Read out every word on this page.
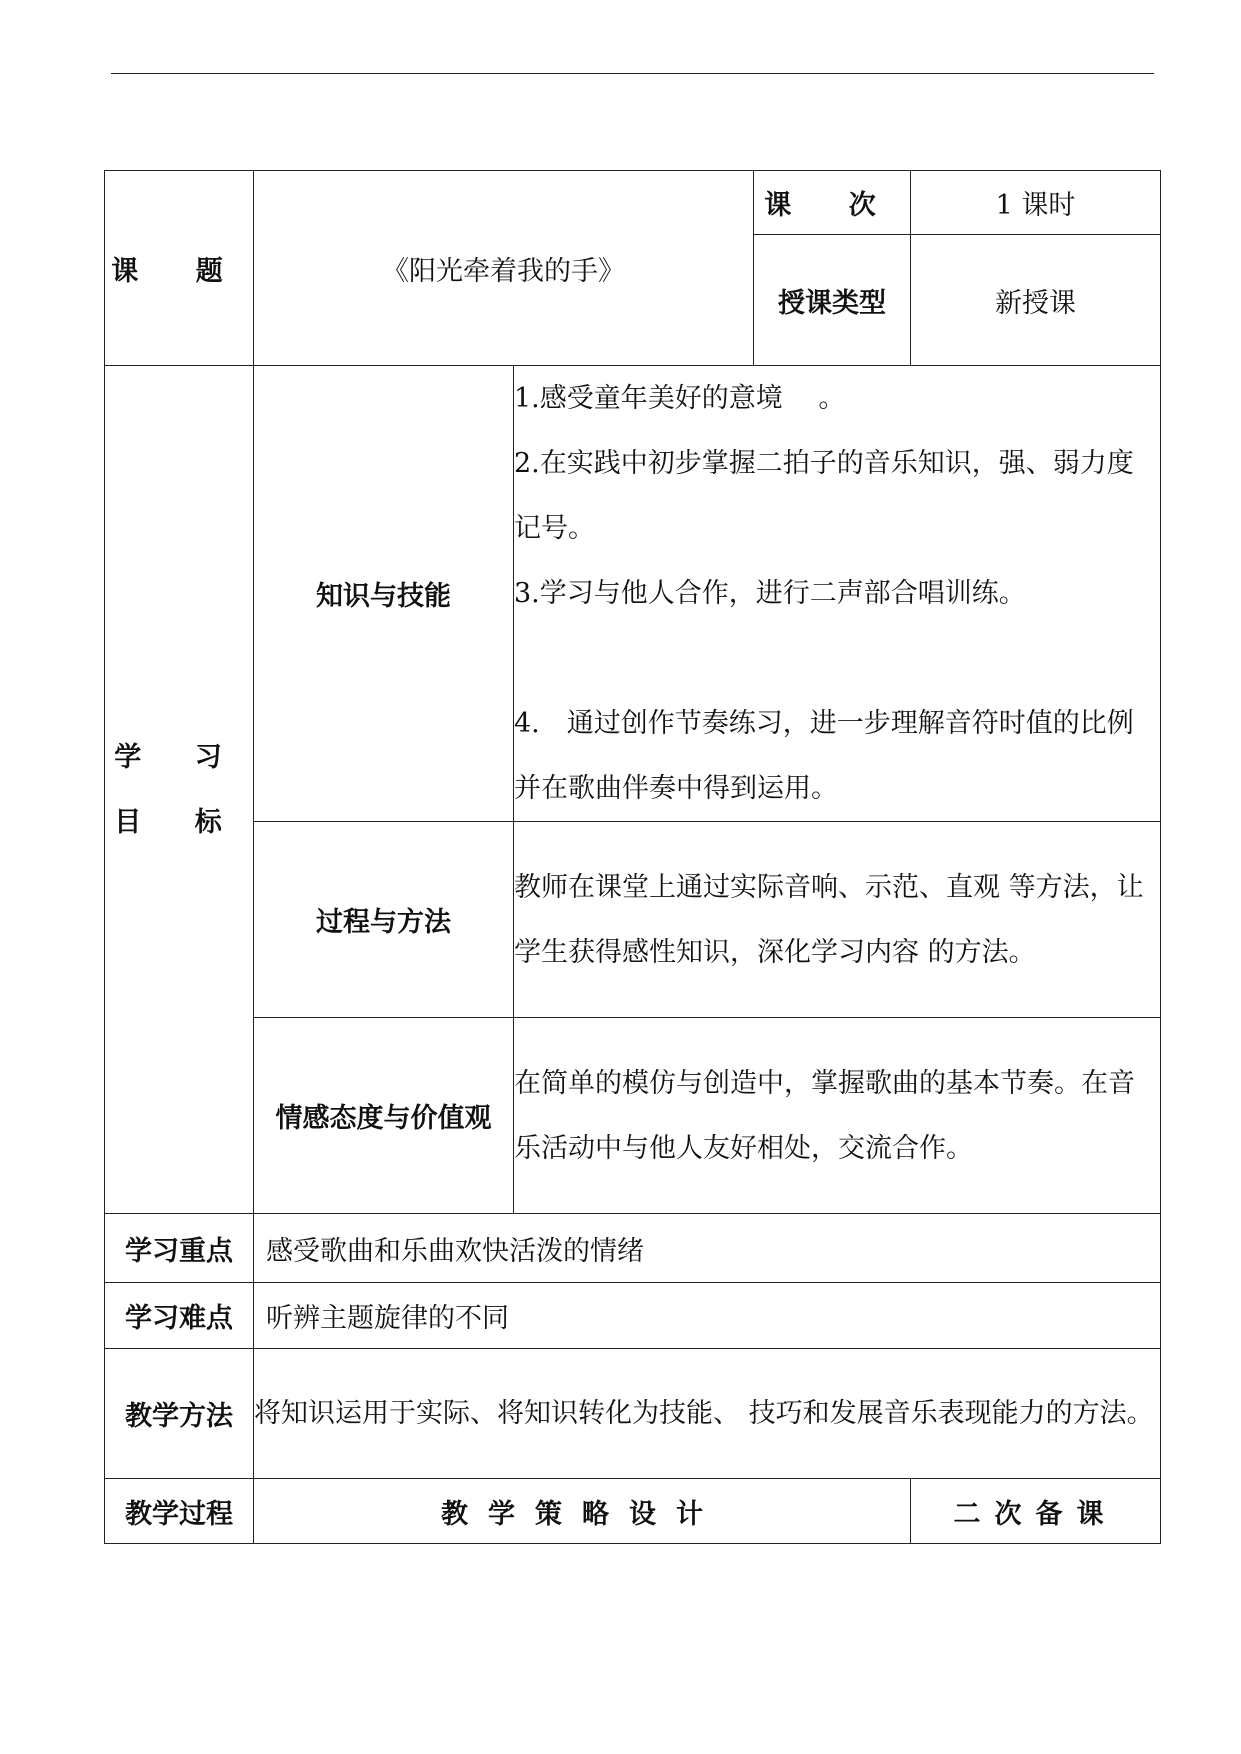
课 题	《阳光牵着我的手》		课 次	1 课时
			授课类型	新授课

学 习
目 标	知识与技能	1.感受童年美好的意境　 。
2.在实践中初步掌握二拍子的音乐知识，强、弱力度记号。
3.学习与他人合作，进行二声部合唱训练。
4.　通过创作节奏练习，进一步理解音符时值的比例并在歌曲伴奏中得到运用。		

	过程与方法	教师在课堂上通过实际音响、示范、直观 等方法，让学生获得感性知识，深化学习内容 的方法。		
	情感态度与价值观	在简单的模仿与创造中，掌握歌曲的基本节奏。在音乐活动中与他人友好相处，交流合作。		
学习重点	感受歌曲和乐曲欢快活泼的情绪			
学习难点	听辨主题旋律的不同			
教学方法	将知识运用于实际、将知识转化为技能、 技巧和发展音乐表现能力的方法。			
教学过程	教学策略设计			二次备课
